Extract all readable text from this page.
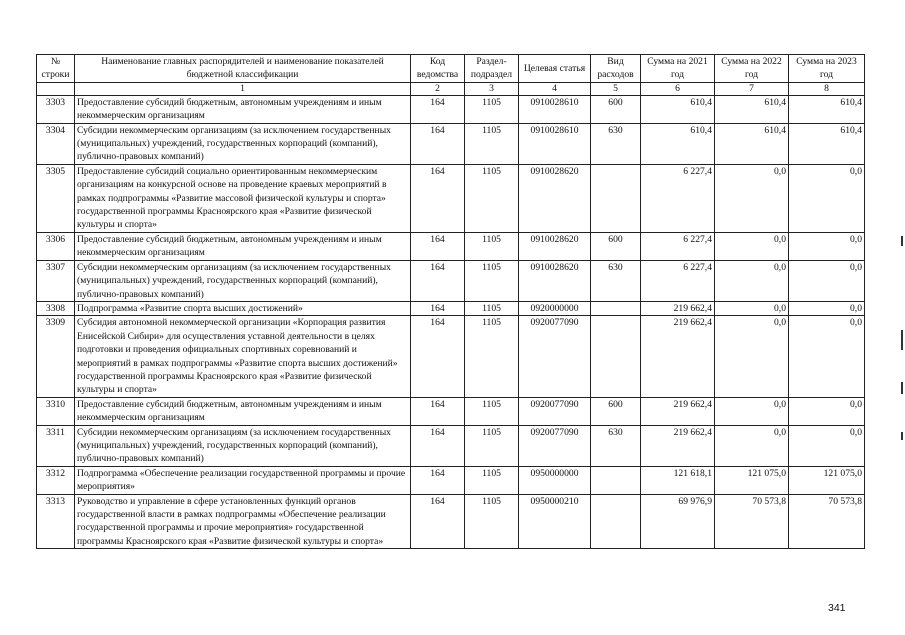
№ строки	Наименование главных распорядителей и наименование показателей бюджетной классификации	Код ведомства	Раздел-подраздел	Целевая статья	Вид расходов	Сумма на 2021 год	Сумма на 2022 год	Сумма на 2023 год
	1	2	3	4	5	6	7	8
3303	Предоставление субсидий бюджетным, автономным учреждениям и иным некоммерческим организациям	164	1105	0910028610	600	610,4	610,4	610,4
3304	Субсидии некоммерческим организациям (за исключением государственных (муниципальных) учреждений, государственных корпораций (компаний), публично-правовых компаний)	164	1105	0910028610	630	610,4	610,4	610,4
3305	Предоставление субсидий социально ориентированным некоммерческим организациям на конкурсной основе на проведение краевых мероприятий в рамках подпрограммы «Развитие массовой физической культуры и спорта» государственной программы Красноярского края «Развитие физической культуры и спорта»	164	1105	0910028620		6 227,4	0,0	0,0
3306	Предоставление субсидий бюджетным, автономным учреждениям и иным некоммерческим организациям	164	1105	0910028620	600	6 227,4	0,0	0,0
3307	Субсидии некоммерческим организациям (за исключением государственных (муниципальных) учреждений, государственных корпораций (компаний), публично-правовых компаний)	164	1105	0910028620	630	6 227,4	0,0	0,0
3308	Подпрограмма «Развитие спорта высших достижений»	164	1105	0920000000		219 662,4	0,0	0,0
3309	Субсидия автономной некоммерческой организации «Корпорация развития Енисейской Сибири» для осуществления уставной деятельности в целях подготовки и проведения официальных спортивных соревнований и мероприятий в рамках подпрограммы «Развитие спорта высших достижений» государственной программы Красноярского края «Развитие физической культуры и спорта»	164	1105	0920077090		219 662,4	0,0	0,0
3310	Предоставление субсидий бюджетным, автономным учреждениям и иным некоммерческим организациям	164	1105	0920077090	600	219 662,4	0,0	0,0
3311	Субсидии некоммерческим организациям (за исключением государственных (муниципальных) учреждений, государственных корпораций (компаний), публично-правовых компаний)	164	1105	0920077090	630	219 662,4	0,0	0,0
3312	Подпрограмма «Обеспечение реализации государственной программы и прочие мероприятия»	164	1105	0950000000		121 618,1	121 075,0	121 075,0
3313	Руководство и управление в сфере установленных функций органов государственной власти в рамках подпрограммы «Обеспечение реализации государственной программы и прочие мероприятия» государственной программы Красноярского края «Развитие физической культуры и спорта»	164	1105	0950000210		69 976,9	70 573,8	70 573,8
341
